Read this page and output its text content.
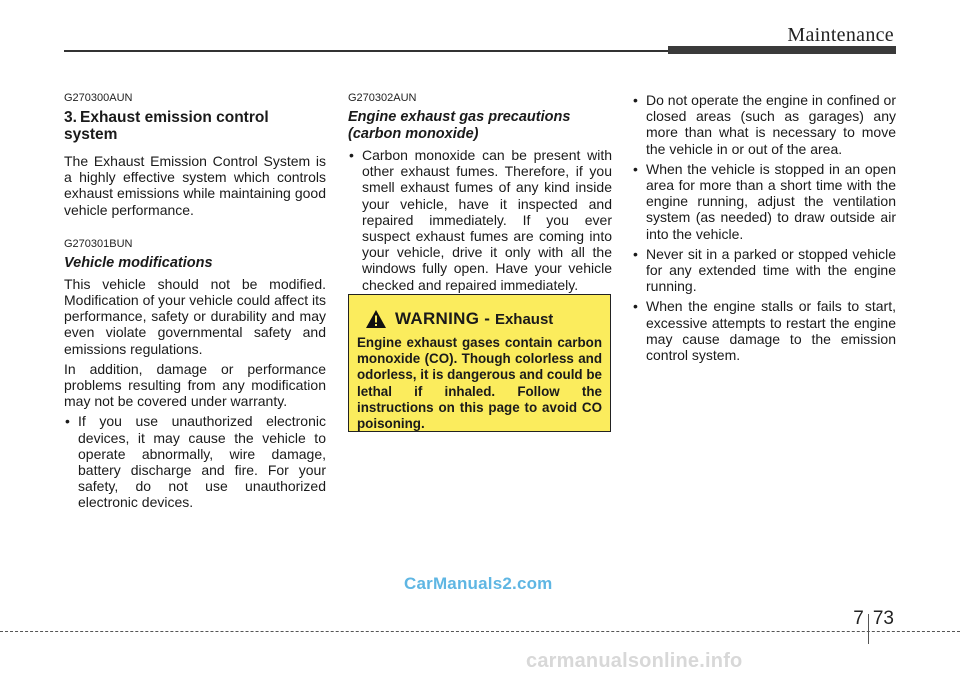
Maintenance
G270300AUN
3. Exhaust emission control system

The Exhaust Emission Control System is a highly effective system which controls exhaust emissions while maintaining good vehicle performance.

G270301BUN
Vehicle modifications

This vehicle should not be modified. Modification of your vehicle could affect its performance, safety or durability and may even violate governmental safety and emissions regulations.

In addition, damage or performance problems resulting from any modification may not be covered under warranty.

• If you use unauthorized electronic devices, it may cause the vehicle to operate abnormally, wire damage, battery discharge and fire. For your safety, do not use unauthorized electronic devices.
G270302AUN
Engine exhaust gas precautions (carbon monoxide)
• Carbon monoxide can be present with other exhaust fumes. Therefore, if you smell exhaust fumes of any kind inside your vehicle, have it inspected and repaired immediately. If you ever suspect exhaust fumes are coming into your vehicle, drive it only with all the windows fully open. Have your vehicle checked and repaired immediately.
WARNING - Exhaust

Engine exhaust gases contain carbon monoxide (CO). Though colorless and odorless, it is dangerous and could be lethal if inhaled. Follow the instructions on this page to avoid CO poisoning.

• Do not operate the engine in confined or closed areas (such as garages) any more than what is necessary to move the vehicle in or out of the area.
• When the vehicle is stopped in an open area for more than a short time with the engine running, adjust the ventilation system (as needed) to draw outside air into the vehicle.
• Never sit in a parked or stopped vehicle for any extended time with the engine running.
• When the engine stalls or fails to start, excessive attempts to restart the engine may cause damage to the emission control system.
CarManuals2.com
7 73
carmanualsonline.info
